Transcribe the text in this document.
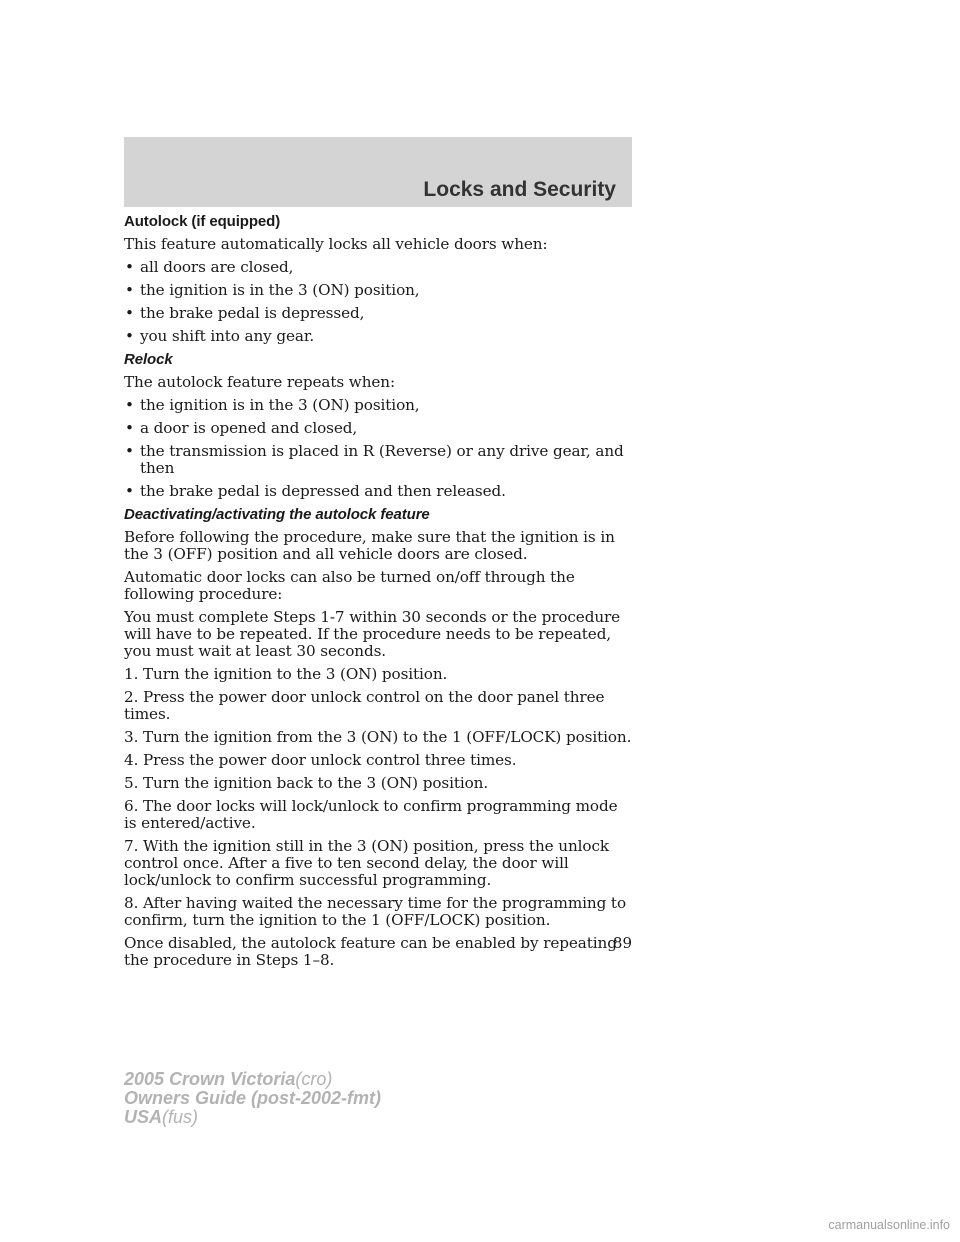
Locks and Security

Autolock (if equipped)

This feature automatically locks all vehicle doors when:

• all doors are closed,
• the ignition is in the 3 (ON) position,
• the brake pedal is depressed,
• you shift into any gear.

Relock

The autolock feature repeats when:

• the ignition is in the 3 (ON) position,
• a door is opened and closed,
• the transmission is placed in R (Reverse) or any drive gear, and then
• the brake pedal is depressed and then released.

Deactivating/activating the autolock feature

Before following the procedure, make sure that the ignition is in the 3 (OFF) position and all vehicle doors are closed.

Automatic door locks can also be turned on/off through the following procedure:

You must complete Steps 1-7 within 30 seconds or the procedure will have to be repeated. If the procedure needs to be repeated, you must wait at least 30 seconds.

1. Turn the ignition to the 3 (ON) position.

2. Press the power door unlock control on the door panel three times.

3. Turn the ignition from the 3 (ON) to the 1 (OFF/LOCK) position.

4. Press the power door unlock control three times.

5. Turn the ignition back to the 3 (ON) position.

6. The door locks will lock/unlock to confirm programming mode is entered/active.

7. With the ignition still in the 3 (ON) position, press the unlock control once. After a five to ten second delay, the door will lock/unlock to confirm successful programming.

8. After having waited the necessary time for the programming to confirm, turn the ignition to the 1 (OFF/LOCK) position.

Once disabled, the autolock feature can be enabled by repeating the procedure in Steps 1–8.

89
2005 Crown Victoria(cro)
Owners Guide (post-2002-fmt)
USA(fus)
carmanualsonline.info
